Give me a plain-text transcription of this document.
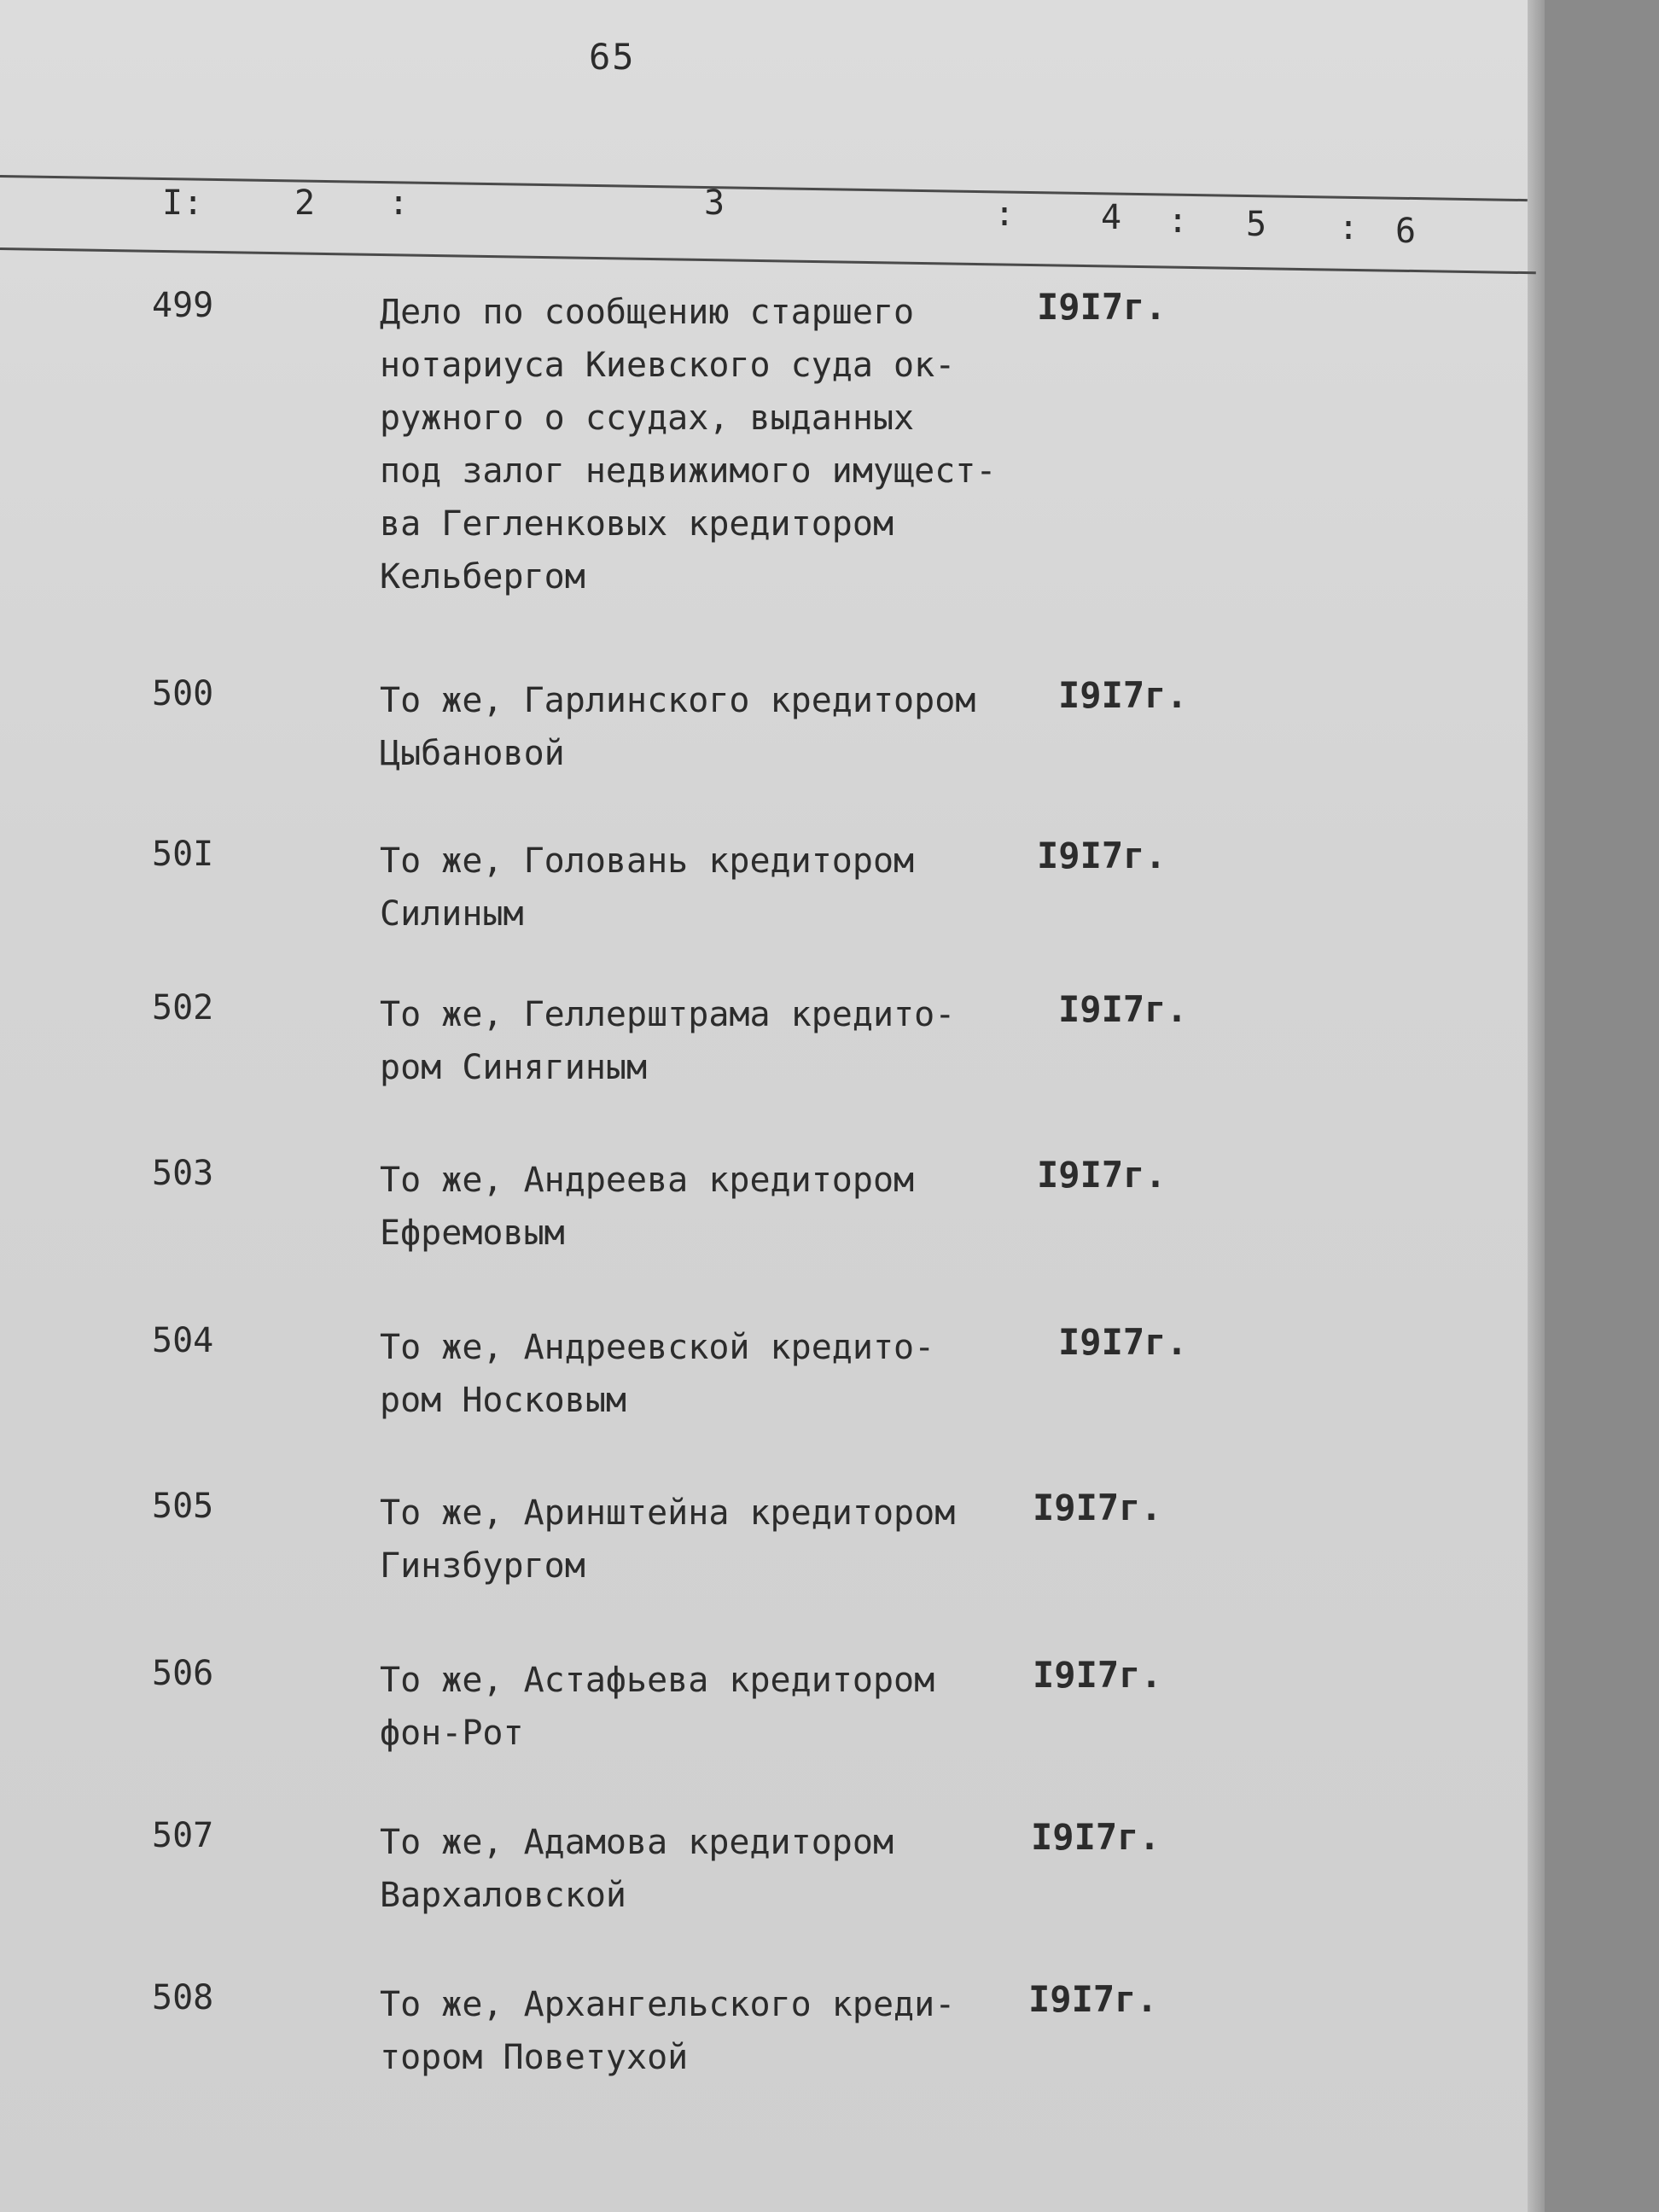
65
I:	2 :	3	:	4 : 5 : 6
499	Дело по сообщению старшего
нотариуса Киевского суда ок-
ружного о ссудах, выданных
под залог недвижимого имущест-
ва Гегленковых кредитором
Кельбергом
I9I7г.
500	То же, Гарлинского кредитором
Цыбановой
I9I7г.
50I	То же, Головань кредитором
Силиным
I9I7г.
502	То же, Геллерштрама кредито-
ром Синягиным
I9I7г.
503	То же, Андреева кредитором
Ефремовым
I9I7г.
504	То же, Андреевской кредито-
ром Носковым
I9I7г.
505	То же, Аринштейна кредитором
Гинзбургом
I9I7г.
506	То же, Астафьева кредитором
фон-Рот
I9I7г.
507	То же, Адамова кредитором
Вархаловской
I9I7г.
508	То же, Архангельского креди-
тором Поветухой
I9I7г.
